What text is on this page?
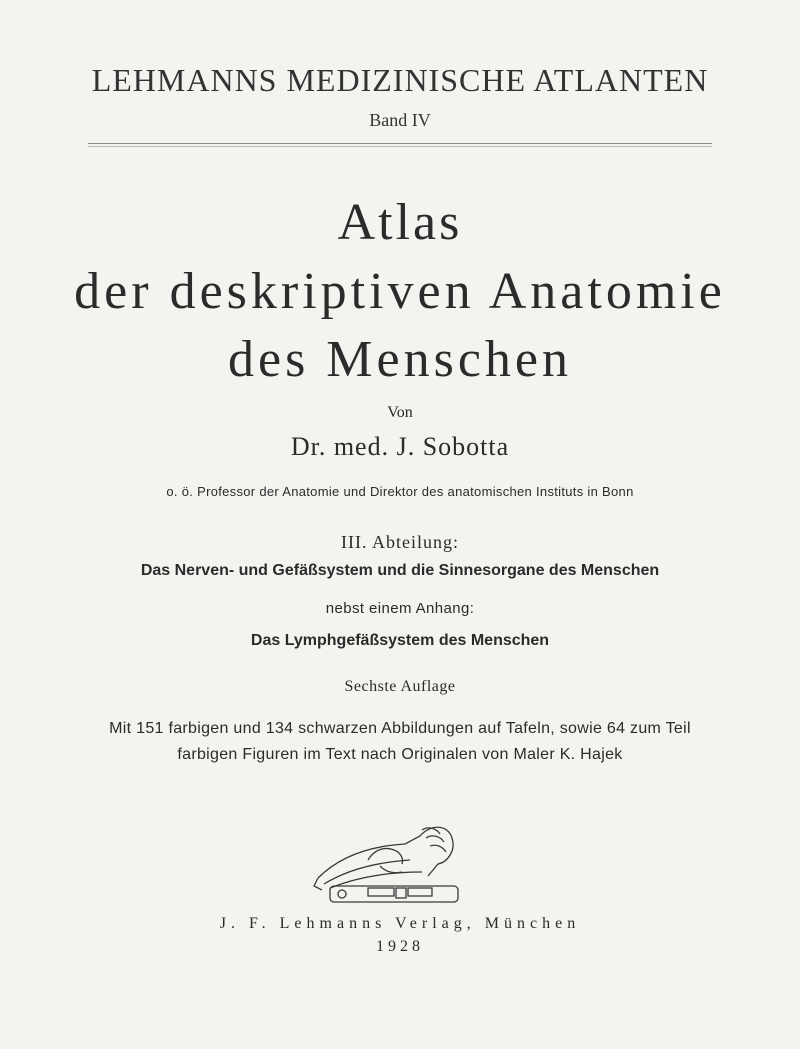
LEHMANNS MEDIZINISCHE ATLANTEN
Band IV
Atlas
der deskriptiven Anatomie
des Menschen
Von
Dr. med. J. Sobotta
o. ö. Professor der Anatomie und Direktor des anatomischen Instituts in Bonn
III. Abteilung:
Das Nerven- und Gefäßsystem und die Sinnesorgane des Menschen
nebst einem Anhang:
Das Lymphgefäßsystem des Menschen
Sechste Auflage
Mit 151 farbigen und 134 schwarzen Abbildungen auf Tafeln, sowie 64 zum Teil
farbigen Figuren im Text nach Originalen von Maler K. Hajek
J. F. Lehmanns Verlag, München
1928
